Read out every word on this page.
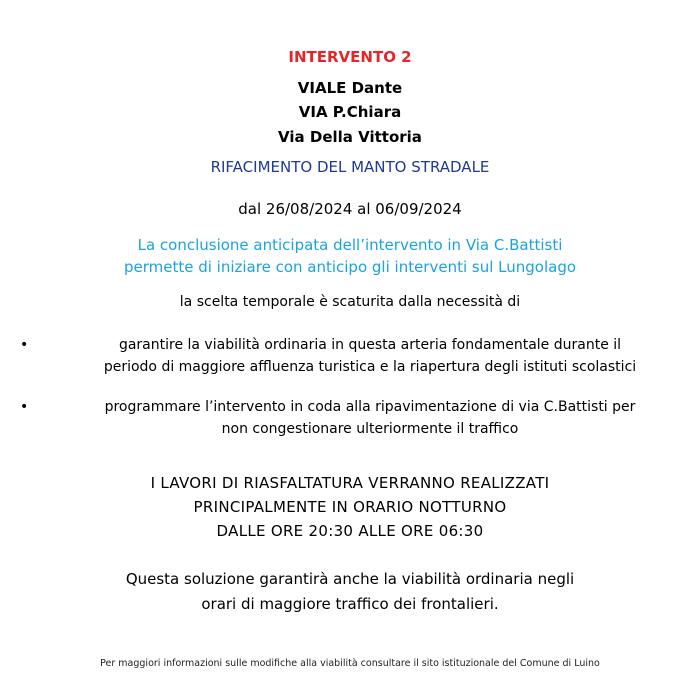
INTERVENTO 2
VIALE Dante
VIA P.Chiara
Via Della Vittoria
RIFACIMENTO DEL MANTO STRADALE
dal 26/08/2024 al 06/09/2024
La conclusione anticipata dell’intervento in Via C.Battisti
permette di iniziare con anticipo gli interventi sul Lungolago
la scelta temporale è scaturita dalla necessità di
•	garantire la viabilità ordinaria in questa arteria fondamentale durante il
periodo di maggiore affluenza turistica e la riapertura degli istituti scolastici
•	programmare l’intervento in coda alla ripavimentazione di via C.Battisti per
non congestionare ulteriormente il traffico
I LAVORI DI RIASFALTATURA VERRANNO REALIZZATI
PRINCIPALMENTE IN ORARIO NOTTURNO
DALLE ORE 20:30 ALLE ORE 06:30
Questa soluzione garantirà anche la viabilità ordinaria negli
orari di maggiore traffico dei frontalieri.
Per maggiori informazioni sulle modifiche alla viabilità consultare il sito istituzionale del Comune di Luino
